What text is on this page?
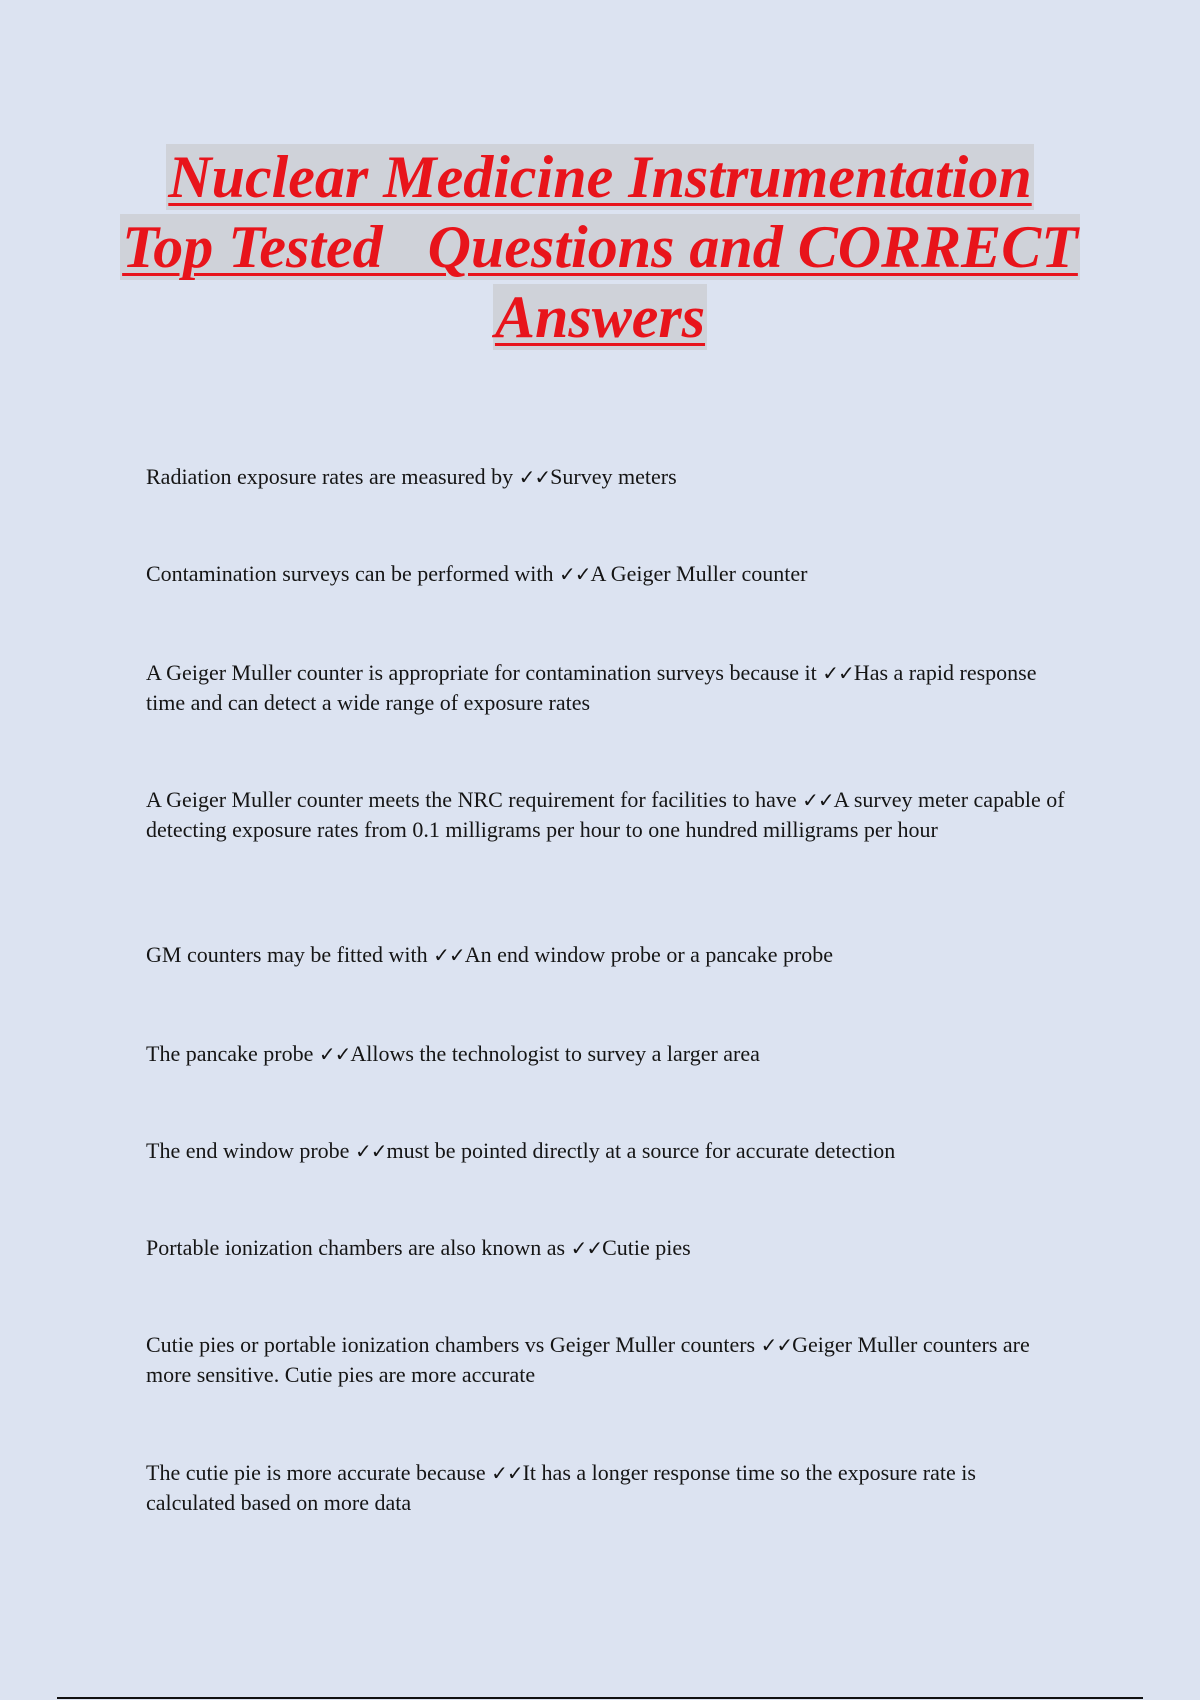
Nuclear Medicine Instrumentation
Top Tested   Questions and CORRECT
Answers
Radiation exposure rates are measured by ✓✓Survey meters
Contamination surveys can be performed with ✓✓A Geiger Muller counter
A Geiger Muller counter is appropriate for contamination surveys because it ✓✓Has a rapid response time and can detect a wide range of exposure rates
A Geiger Muller counter meets the NRC requirement for facilities to have ✓✓A survey meter capable of detecting exposure rates from 0.1 milligrams per hour to one hundred milligrams per hour
GM counters may be fitted with ✓✓An end window probe or a pancake probe
The pancake probe ✓✓Allows the technologist to survey a larger area
The end window probe ✓✓must be pointed directly at a source for accurate detection
Portable ionization chambers are also known as ✓✓Cutie pies
Cutie pies or portable ionization chambers vs Geiger Muller counters ✓✓Geiger Muller counters are more sensitive. Cutie pies are more accurate
The cutie pie is more accurate because ✓✓It has a longer response time so the exposure rate is calculated based on more data
